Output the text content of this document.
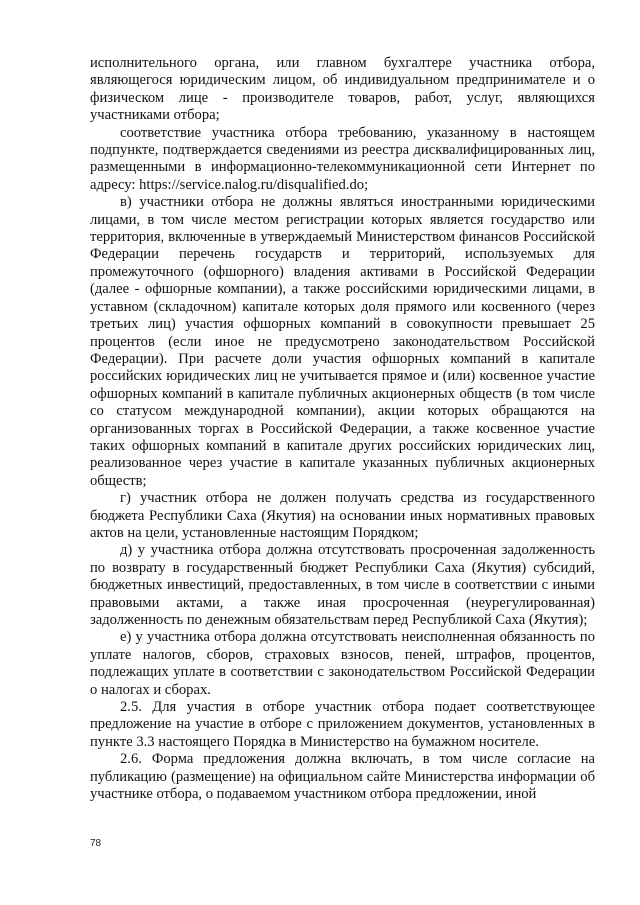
исполнительного органа, или главном бухгалтере участника отбора, являющегося юридическим лицом, об индивидуальном предпринимателе и о физическом лице - производителе товаров, работ, услуг, являющихся участниками отбора;

соответствие участника отбора требованию, указанному в настоящем подпункте, подтверждается сведениями из реестра дисквалифицированных лиц, размещенными в информационно-телекоммуникационной сети Интернет по адресу: https://service.nalog.ru/disqualified.do;

в) участники отбора не должны являться иностранными юридическими лицами, в том числе местом регистрации которых является государство или территория, включенные в утверждаемый Министерством финансов Российской Федерации перечень государств и территорий, используемых для промежуточного (офшорного) владения активами в Российской Федерации (далее - офшорные компании), а также российскими юридическими лицами, в уставном (складочном) капитале которых доля прямого или косвенного (через третьих лиц) участия офшорных компаний в совокупности превышает 25 процентов (если иное не предусмотрено законодательством Российской Федерации). При расчете доли участия офшорных компаний в капитале российских юридических лиц не учитывается прямое и (или) косвенное участие офшорных компаний в капитале публичных акционерных обществ (в том числе со статусом международной компании), акции которых обращаются на организованных торгах в Российской Федерации, а также косвенное участие таких офшорных компаний в капитале других российских юридических лиц, реализованное через участие в капитале указанных публичных акционерных обществ;

г) участник отбора не должен получать средства из государственного бюджета Республики Саха (Якутия) на основании иных нормативных правовых актов на цели, установленные настоящим Порядком;

д) у участника отбора должна отсутствовать просроченная задолженность по возврату в государственный бюджет Республики Саха (Якутия) субсидий, бюджетных инвестиций, предоставленных, в том числе в соответствии с иными правовыми актами, а также иная просроченная (неурегулированная) задолженность по денежным обязательствам перед Республикой Саха (Якутия);

е) у участника отбора должна отсутствовать неисполненная обязанность по уплате налогов, сборов, страховых взносов, пеней, штрафов, процентов, подлежащих уплате в соответствии с законодательством Российской Федерации о налогах и сборах.

2.5. Для участия в отборе участник отбора подает соответствующее предложение на участие в отборе с приложением документов, установленных в пункте 3.3 настоящего Порядка в Министерство на бумажном носителе.

2.6. Форма предложения должна включать, в том числе согласие на публикацию (размещение) на официальном сайте Министерства информации об участнике отбора, о подаваемом участником отбора предложении, иной

78
